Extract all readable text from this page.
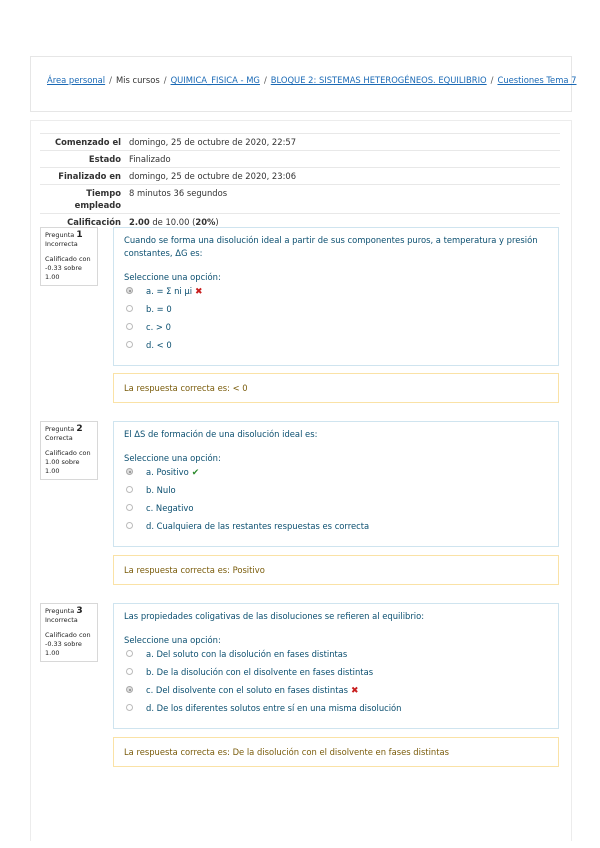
Área personal / Mis cursos / QUIMICA_FISICA - MG / BLOQUE 2: SISTEMAS HETEROGÉNEOS. EQUILIBRIO / Cuestiones Tema 7
Comenzado el	domingo, 25 de octubre de 2020, 22:57
Estado	Finalizado
Finalizado en	domingo, 25 de octubre de 2020, 23:06
Tiempo empleado	8 minutos 36 segundos
Calificación	2.00 de 10.00 (20%)
Pregunta 1
Incorrecta
Calificado con
-0.33 sobre 1.00
Cuando se forma una disolución ideal a partir de sus componentes puros, a temperatura y presión constantes, ΔG es:
Seleccione una opción:
a. = Σ ni μi ✖
b. = 0
c. > 0
d. < 0
La respuesta correcta es: < 0
Pregunta 2
Correcta
Calificado con
1.00 sobre 1.00
El ΔS de formación de una disolución ideal es:
Seleccione una opción:
a. Positivo ✔
b. Nulo
c. Negativo
d. Cualquiera de las restantes respuestas es correcta
La respuesta correcta es: Positivo
Pregunta 3
Incorrecta
Calificado con
-0.33 sobre 1.00
Las propiedades coligativas de las disoluciones se refieren al equilibrio:
Seleccione una opción:
a. Del soluto con la disolución en fases distintas
b. De la disolución con el disolvente en fases distintas
c. Del disolvente con el soluto en fases distintas ✖
d. De los diferentes solutos entre sí en una misma disolución
La respuesta correcta es: De la disolución con el disolvente en fases distintas
